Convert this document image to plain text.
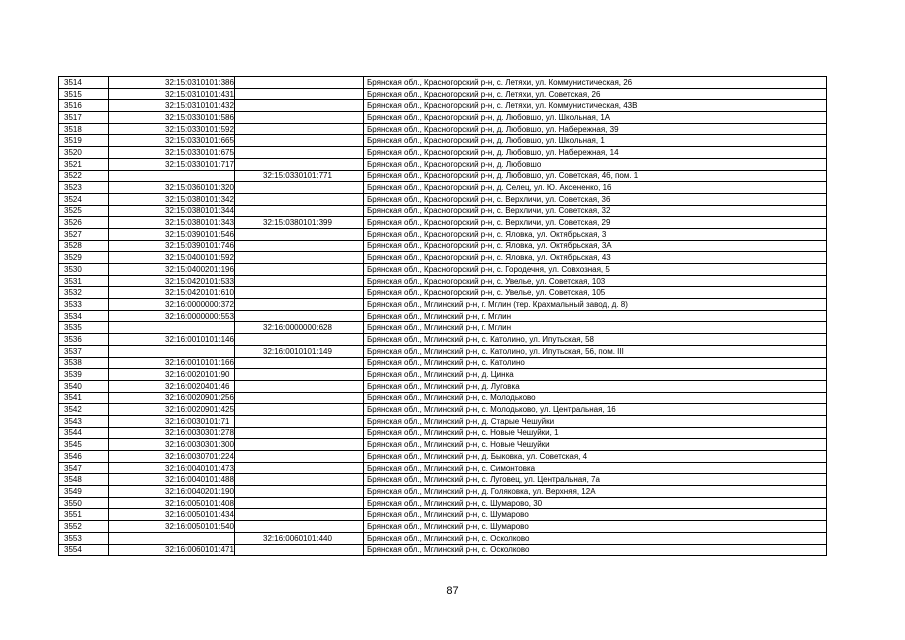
3514	32:15:0310101:386		Брянская обл., Красногорский р-н, с. Летяхи, ул. Коммунистическая, 26
3515	32:15:0310101:431		Брянская обл., Красногорский р-н, с. Летяхи, ул. Советская, 26
3516	32:15:0310101:432		Брянская обл., Красногорский р-н, с. Летяхи, ул. Коммунистическая, 43В
3517	32:15:0330101:586		Брянская обл., Красногорский р-н, д. Любовшо, ул. Школьная, 1А
3518	32:15:0330101:592		Брянская обл., Красногорский р-н, д. Любовшо, ул. Набережная, 39
3519	32:15:0330101:665		Брянская обл., Красногорский р-н, д. Любовшо, ул. Школьная, 1
3520	32:15:0330101:675		Брянская обл., Красногорский р-н, д. Любовшо, ул. Набережная, 14
3521	32:15:0330101:717		Брянская обл., Красногорский р-н, д. Любовшо
3522		32:15:0330101:771	Брянская обл., Красногорский р-н, д. Любовшо, ул. Советская, 46, пом. 1
3523	32:15:0360101:320		Брянская обл., Красногорский р-н, д. Селец, ул. Ю. Аксененко, 16
3524	32:15:0380101:342		Брянская обл., Красногорский р-н, с. Верхличи, ул. Советская, 36
3525	32:15:0380101:344		Брянская обл., Красногорский р-н, с. Верхличи, ул. Советская, 32
3526	32:15:0380101:343	32:15:0380101:399	Брянская обл., Красногорский р-н, с. Верхличи, ул. Советская, 29
3527	32:15:0390101:546		Брянская обл., Красногорский р-н, с. Яловка, ул. Октябрьская, 3
3528	32:15:0390101:746		Брянская обл., Красногорский р-н, с. Яловка, ул. Октябрьская, 3А
3529	32:15:0400101:592		Брянская обл., Красногорский р-н, с. Яловка, ул. Октябрьская, 43
3530	32:15:0400201:196		Брянская обл., Красногорский р-н, с. Городечня, ул. Совхозная, 5
3531	32:15:0420101:533		Брянская обл., Красногорский р-н, с. Увелье, ул. Советская, 103
3532	32:15:0420101:610		Брянская обл., Красногорский р-н, с. Увелье, ул. Советская, 105
3533	32:16:0000000:372		Брянская обл., Мглинский р-н, г. Мглин (тер. Крахмальный завод, д. 8)
3534	32:16:0000000:553		Брянская обл., Мглинский р-н, г. Мглин
3535		32:16:0000000:628	Брянская обл., Мглинский р-н, г. Мглин
3536	32:16:0010101:146		Брянская обл., Мглинский р-н, с. Католино, ул. Ипутьская, 58
3537		32:16:0010101:149	Брянская обл., Мглинский р-н, с. Католино, ул. Ипутьская, 56, пом. III
3538	32:16:0010101:166		Брянская обл., Мглинский р-н, с. Католино
3539	32:16:0020101:90		Брянская обл., Мглинский р-н, д. Цинка
3540	32:16:0020401:46		Брянская обл., Мглинский р-н, д. Луговка
3541	32:16:0020901:256		Брянская обл., Мглинский р-н, с. Молодьково
3542	32:16:0020901:425		Брянская обл., Мглинский р-н, с. Молодьково, ул. Центральная, 16
3543	32:16:0030101:71		Брянская обл., Мглинский р-н, д. Старые Чешуйки
3544	32:16:0030301:278		Брянская обл., Мглинский р-н, с. Новые Чешуйки, 1
3545	32:16:0030301:300		Брянская обл., Мглинский р-н, с. Новые Чешуйки
3546	32:16:0030701:224		Брянская обл., Мглинский р-н, д. Быковка, ул. Советская, 4
3547	32:16:0040101:473		Брянская обл., Мглинский р-н, с. Симонтовка
3548	32:16:0040101:488		Брянская обл., Мглинский р-н, с. Луговец, ул. Центральная, 7а
3549	32:16:0040201:190		Брянская обл., Мглинский р-н, д. Голяковка, ул. Верхняя, 12А
3550	32:16:0050101:408		Брянская обл., Мглинский р-н, с. Шумарово, 30
3551	32:16:0050101:434		Брянская обл., Мглинский р-н, с. Шумарово
3552	32:16:0050101:540		Брянская обл., Мглинский р-н, с. Шумарово
3553		32:16:0060101:440	Брянская обл., Мглинский р-н, с. Осколково
3554	32:16:0060101:471		Брянская обл., Мглинский р-н, с. Осколково
87
